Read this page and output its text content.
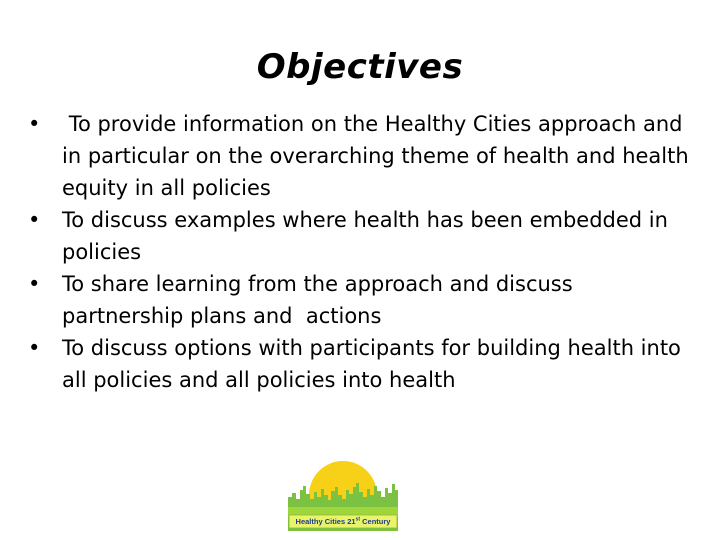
Objectives
• To provide information on the Healthy Cities approach and in particular on the overarching theme of health and health equity in all policies
• To discuss examples where health has been embedded in policies
• To share learning from the approach and discuss partnership plans and  actions
• To discuss options with participants for building health into all policies and all policies into health
Healthy Cities 21st Century
